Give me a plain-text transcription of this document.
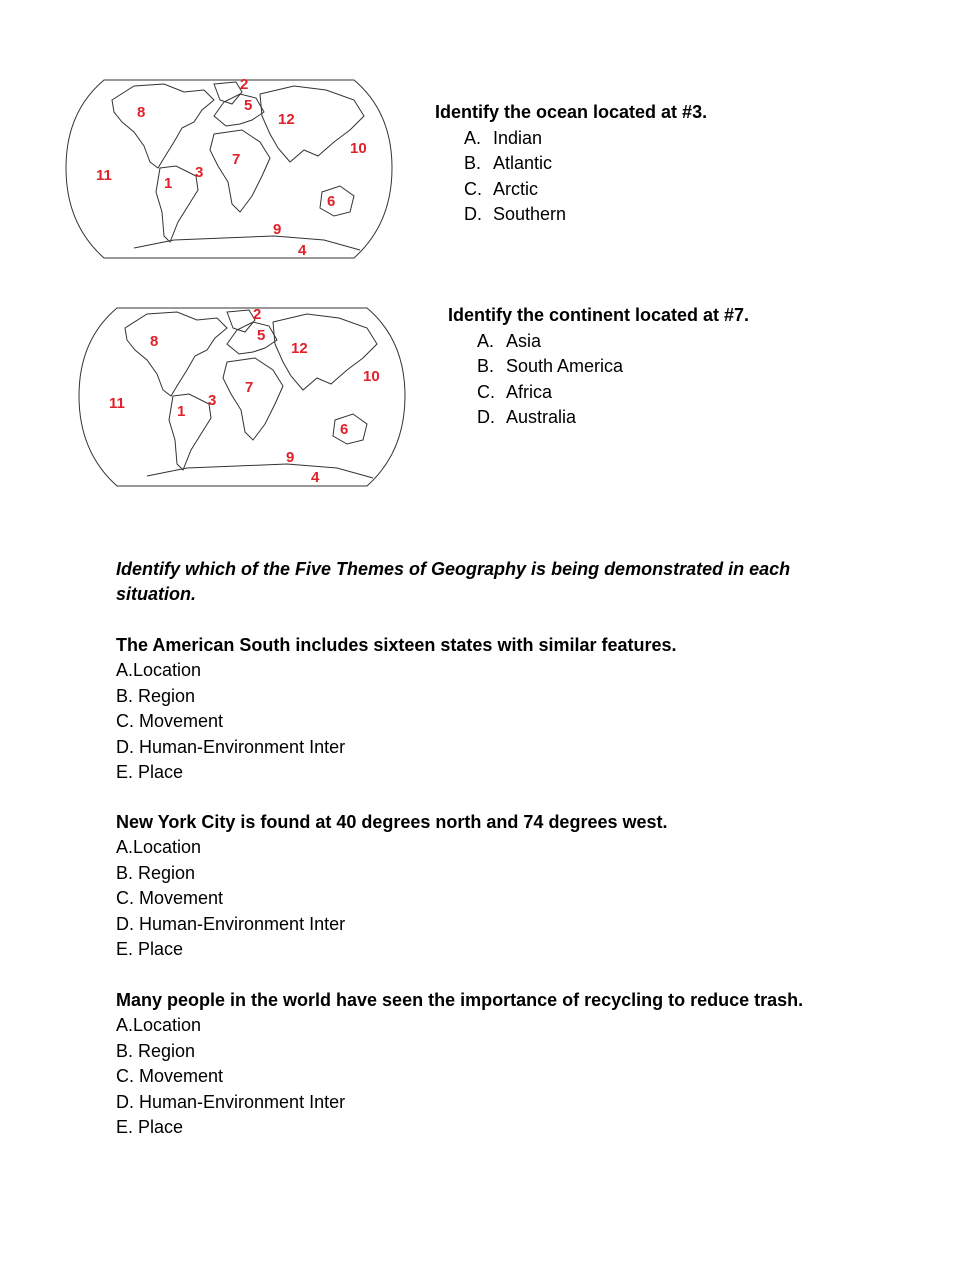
2
5
8	12
10
7
3
11	1
6
9
4
Identify the ocean located at #3.
A. Indian
B. Atlantic
C. Arctic
D. Southern
2
5
8	12
10
7
3
11	1
6
9
4
Identify the continent located at #7.
A. Asia
B. South America
C. Africa
D. Australia
Identify which of the Five Themes of Geography is being demonstrated in each situation.
The American South includes sixteen states with similar features.
A.Location
B. Region
C. Movement
D. Human-Environment Inter
E. Place
New York City is found at 40 degrees north and 74 degrees west.
A.Location
B. Region
C. Movement
D. Human-Environment Inter
E. Place
Many people in the world have seen the importance of recycling to reduce trash.
A.Location
B. Region
C. Movement
D. Human-Environment Inter
E. Place
